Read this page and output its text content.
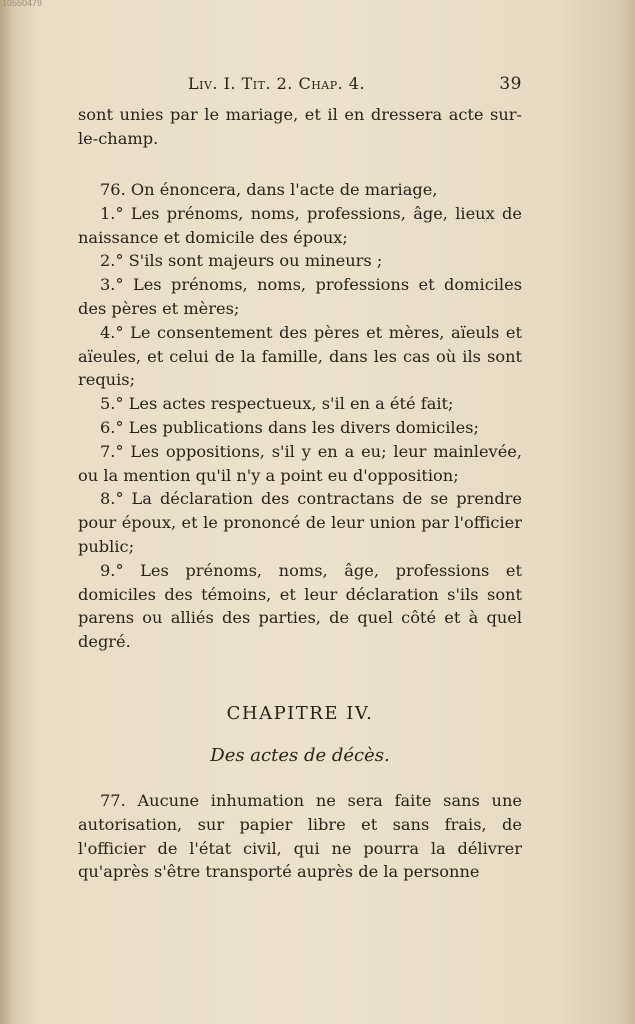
10550479
Liv. I. Tit. 2. Chap. 4.	39

sont unies par le mariage, et il en dressera acte sur-le-champ.

76. On énoncera, dans l'acte de mariage,

1.° Les prénoms, noms, professions, âge, lieux de naissance et domicile des époux;

2.° S'ils sont majeurs ou mineurs ;

3.° Les prénoms, noms, professions et domiciles des pères et mères;

4.° Le consentement des pères et mères, aïeuls et aïeules, et celui de la famille, dans les cas où ils sont requis;

5.° Les actes respectueux, s'il en a été fait;

6.° Les publications dans les divers domiciles;

7.° Les oppositions, s'il y en a eu; leur mainlevée, ou la mention qu'il n'y a point eu d'opposition;

8.° La déclaration des contractans de se prendre pour époux, et le prononcé de leur union par l'officier public;

9.° Les prénoms, noms, âge, professions et domiciles des témoins, et leur déclaration s'ils sont parens ou alliés des parties, de quel côté et à quel degré.

CHAPITRE IV.
Des actes de décès.

77. Aucune inhumation ne sera faite sans une autorisation, sur papier libre et sans frais, de l'officier de l'état civil, qui ne pourra la délivrer qu'après s'être transporté auprès de la personne
